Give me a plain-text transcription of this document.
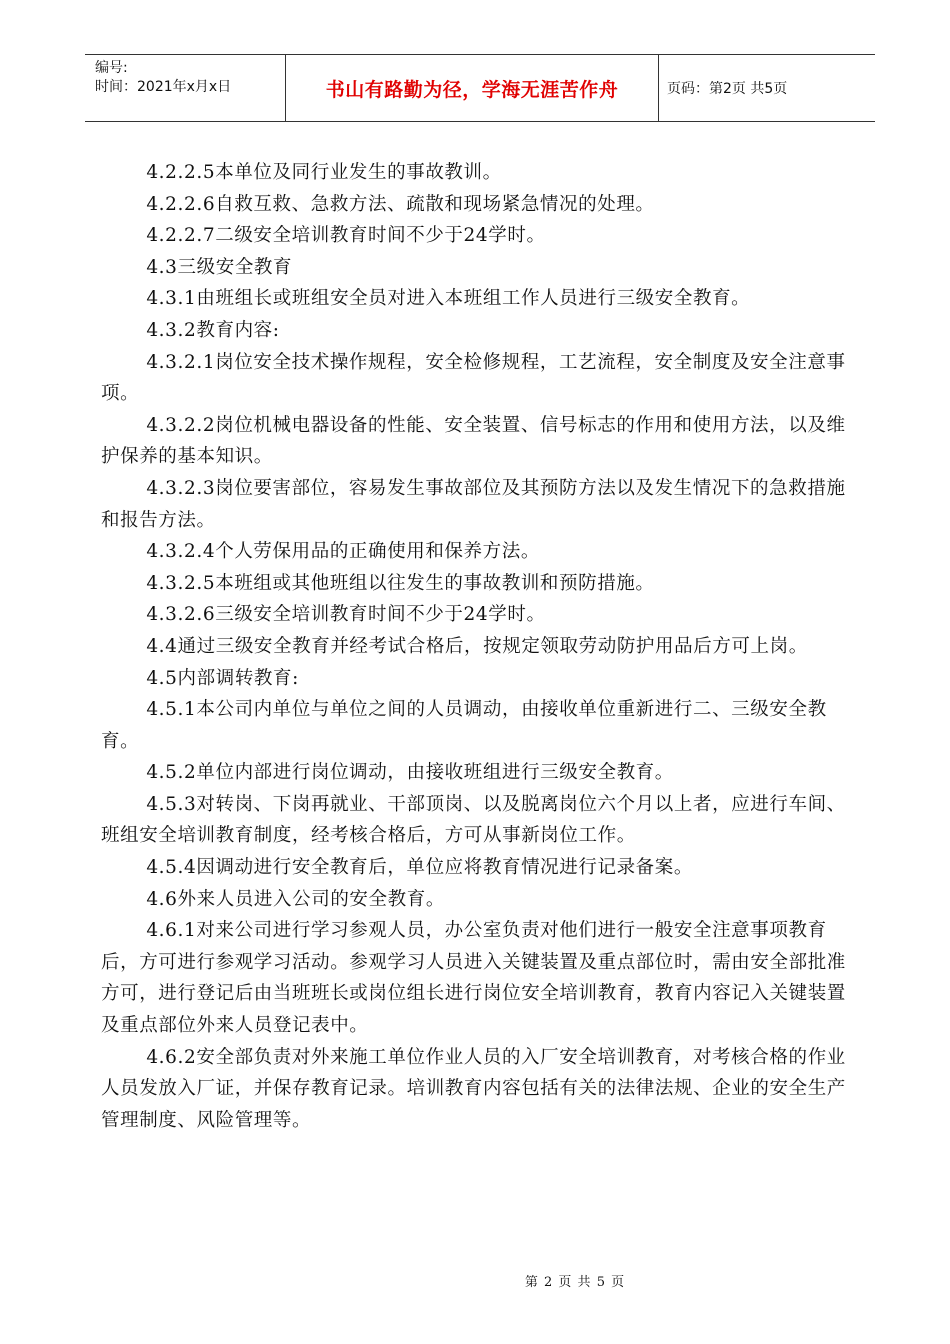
编号:
时间：2021年x月x日	书山有路勤为径，学海无涯苦作舟	页码：第2页 共5页

4.2.2.5本单位及同行业发生的事故教训。

4.2.2.6自救互救、急救方法、疏散和现场紧急情况的处理。

4.2.2.7二级安全培训教育时间不少于24学时。

4.3三级安全教育

4.3.1由班组长或班组安全员对进入本班组工作人员进行三级安全教育。

4.3.2教育内容:

4.3.2.1岗位安全技术操作规程，安全检修规程，工艺流程，安全制度及安全注意事项。

4.3.2.2岗位机械电器设备的性能、安全装置、信号标志的作用和使用方法，以及维护保养的基本知识。

4.3.2.3岗位要害部位，容易发生事故部位及其预防方法以及发生情况下的急救措施和报告方法。

4.3.2.4个人劳保用品的正确使用和保养方法。

4.3.2.5本班组或其他班组以往发生的事故教训和预防措施。

4.3.2.6三级安全培训教育时间不少于24学时。

4.4通过三级安全教育并经考试合格后，按规定领取劳动防护用品后方可上岗。

4.5内部调转教育:

4.5.1本公司内单位与单位之间的人员调动，由接收单位重新进行二、三级安全教育。

4.5.2单位内部进行岗位调动，由接收班组进行三级安全教育。

4.5.3对转岗、下岗再就业、干部顶岗、以及脱离岗位六个月以上者，应进行车间、班组安全培训教育制度，经考核合格后，方可从事新岗位工作。

4.5.4因调动进行安全教育后，单位应将教育情况进行记录备案。

4.6外来人员进入公司的安全教育。

4.6.1对来公司进行学习参观人员，办公室负责对他们进行一般安全注意事项教育后，方可进行参观学习活动。参观学习人员进入关键装置及重点部位时，需由安全部批准方可，进行登记后由当班班长或岗位组长进行岗位安全培训教育，教育内容记入关键装置及重点部位外来人员登记表中。

4.6.2安全部负责对外来施工单位作业人员的入厂安全培训教育，对考核合格的作业人员发放入厂证，并保存教育记录。培训教育内容包括有关的法律法规、企业的安全生产管理制度、风险管理等。

第 2 页 共 5 页
